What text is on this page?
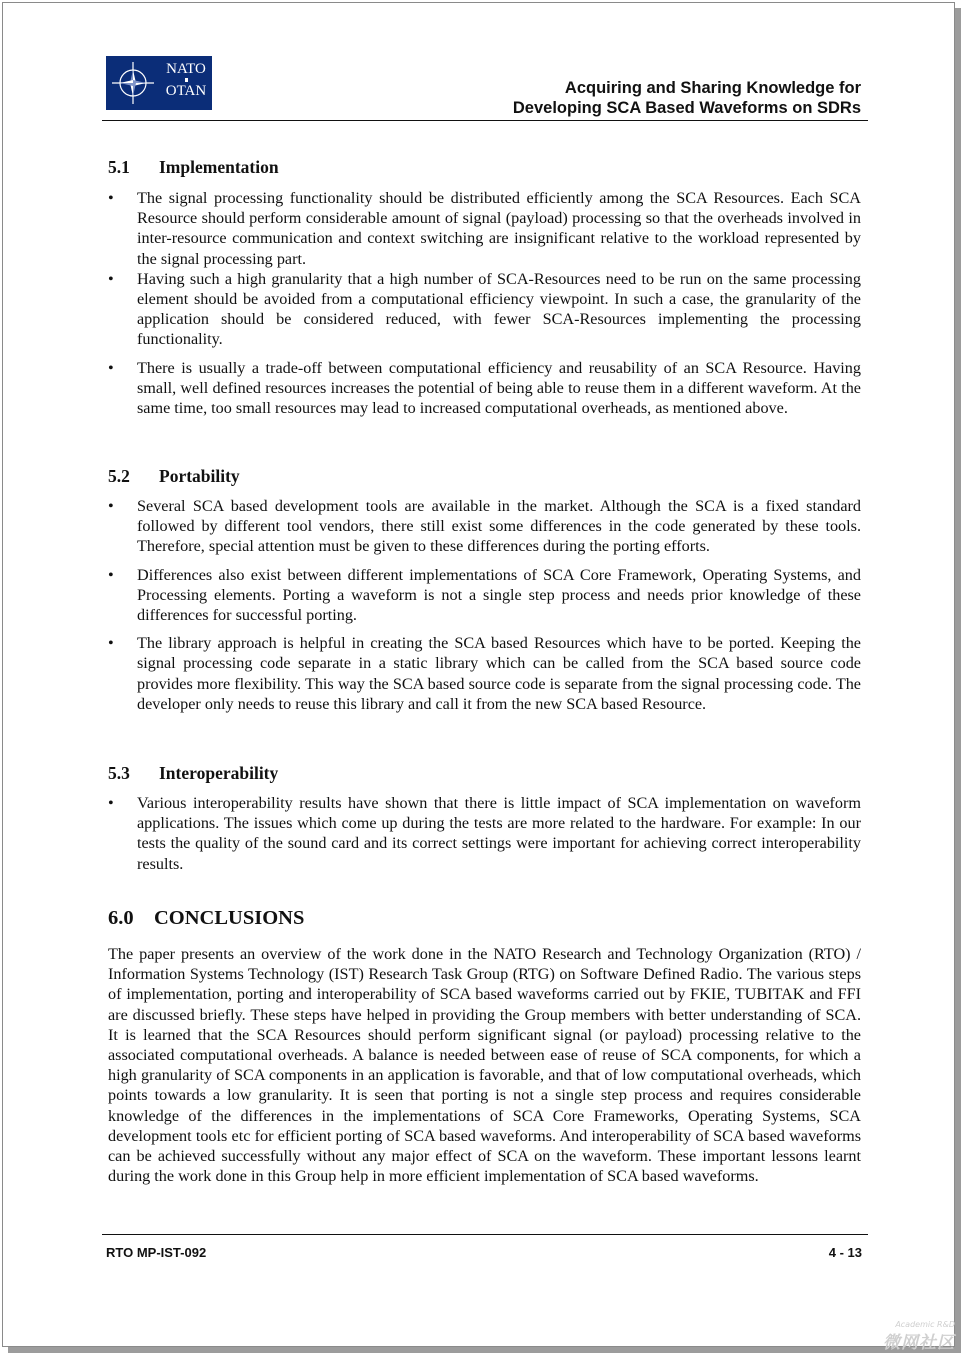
NATO
OTAN	Acquiring and Sharing Knowledge for
Developing SCA Based Waveforms on SDRs
5.1 Implementation
• The signal processing functionality should be distributed efficiently among the SCA Resources. Each SCA Resource should perform considerable amount of signal (payload) processing so that the overheads involved in inter-resource communication and context switching are insignificant relative to the workload represented by the signal processing part.
• Having such a high granularity that a high number of SCA-Resources need to be run on the same processing element should be avoided from a computational efficiency viewpoint. In such a case, the granularity of the application should be considered reduced, with fewer SCA-Resources implementing the processing functionality.
• There is usually a trade-off between computational efficiency and reusability of an SCA Resource. Having small, well defined resources increases the potential of being able to reuse them in a different waveform. At the same time, too small resources may lead to increased computational overheads, as mentioned above.
5.2 Portability
• Several SCA based development tools are available in the market. Although the SCA is a fixed standard followed by different tool vendors, there still exist some differences in the code generated by these tools. Therefore, special attention must be given to these differences during the porting efforts.
• Differences also exist between different implementations of SCA Core Framework, Operating Systems, and Processing elements. Porting a waveform is not a single step process and needs prior knowledge of these differences for successful porting.
• The library approach is helpful in creating the SCA based Resources which have to be ported. Keeping the signal processing code separate in a static library which can be called from the SCA based source code provides more flexibility. This way the SCA based source code is separate from the signal processing code. The developer only needs to reuse this library and call it from the new SCA based Resource.
5.3 Interoperability
• Various interoperability results have shown that there is little impact of SCA implementation on waveform applications. The issues which come up during the tests are more related to the hardware. For example: In our tests the quality of the sound card and its correct settings were important for achieving correct interoperability results.
6.0 CONCLUSIONS

The paper presents an overview of the work done in the NATO Research and Technology Organization (RTO) / Information Systems Technology (IST) Research Task Group (RTG) on Software Defined Radio. The various steps of implementation, porting and interoperability of SCA based waveforms carried out by FKIE, TUBITAK and FFI are discussed briefly. These steps have helped in providing the Group members with better understanding of SCA. It is learned that the SCA Resources should perform significant signal (or payload) processing relative to the associated computational overheads. A balance is needed between ease of reuse of SCA components, for which a high granularity of SCA components in an application is favorable, and that of low computational overheads, which points towards a low granularity. It is seen that porting is not a single step process and requires considerable knowledge of the differences in the implementations of SCA Core Frameworks, Operating Systems, SCA development tools etc for efficient porting of SCA based waveforms. And interoperability of SCA based waveforms can be achieved successfully without any major effect of SCA on the waveform. These important lessons learnt during the work done in this Group help in more efficient implementation of SCA based waveforms.

RTO MP-IST-092	4 - 13
Academic R&D
微网社区
